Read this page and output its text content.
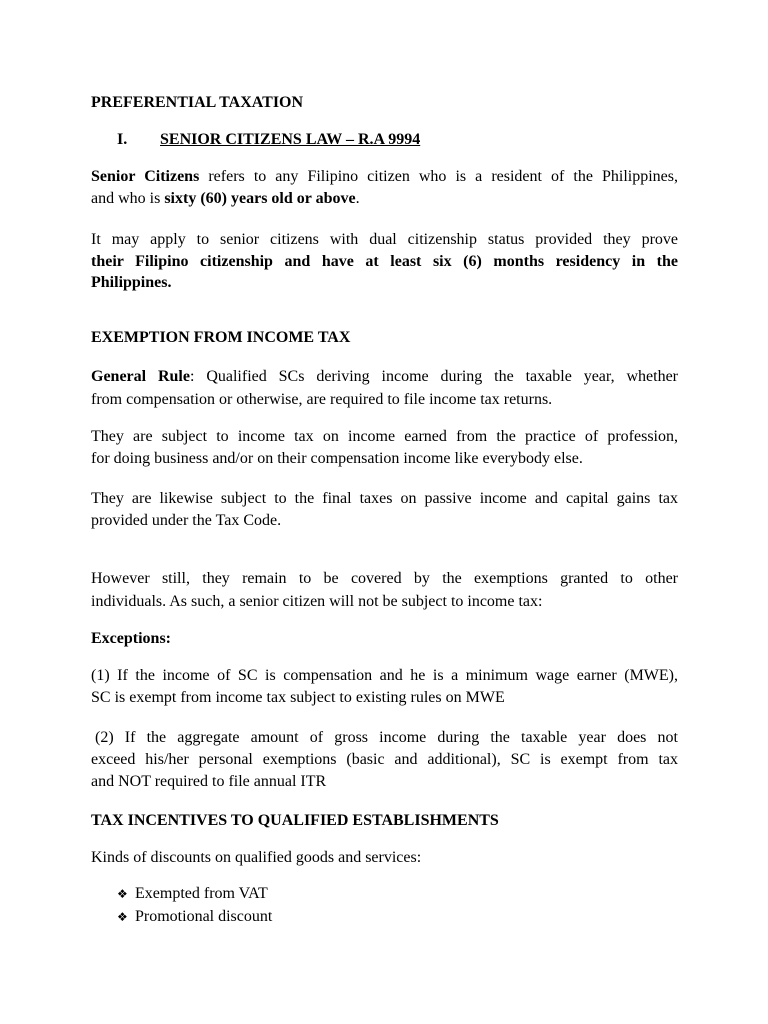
PREFERENTIAL TAXATION
I. SENIOR CITIZENS LAW – R.A 9994
Senior Citizens refers to any Filipino citizen who is a resident of the Philippines,
and who is sixty (60) years old or above.
It may apply to senior citizens with dual citizenship status provided they prove
their Filipino citizenship and have at least six (6) months residency in the
Philippines.
EXEMPTION FROM INCOME TAX
General Rule: Qualified SCs deriving income during the taxable year, whether
from compensation or otherwise, are required to file income tax returns.
They are subject to income tax on income earned from the practice of profession,
for doing business and/or on their compensation income like everybody else.
They are likewise subject to the final taxes on passive income and capital gains tax
provided under the Tax Code.
However still, they remain to be covered by the exemptions granted to other
individuals. As such, a senior citizen will not be subject to income tax:
Exceptions:
(1) If the income of SC is compensation and he is a minimum wage earner (MWE),
SC is exempt from income tax subject to existing rules on MWE
(2) If the aggregate amount of gross income during the taxable year does not
exceed his/her personal exemptions (basic and additional), SC is exempt from tax
and NOT required to file annual ITR
TAX INCENTIVES TO QUALIFIED ESTABLISHMENTS
Kinds of discounts on qualified goods and services:
❖ Exempted from VAT
❖ Promotional discount
